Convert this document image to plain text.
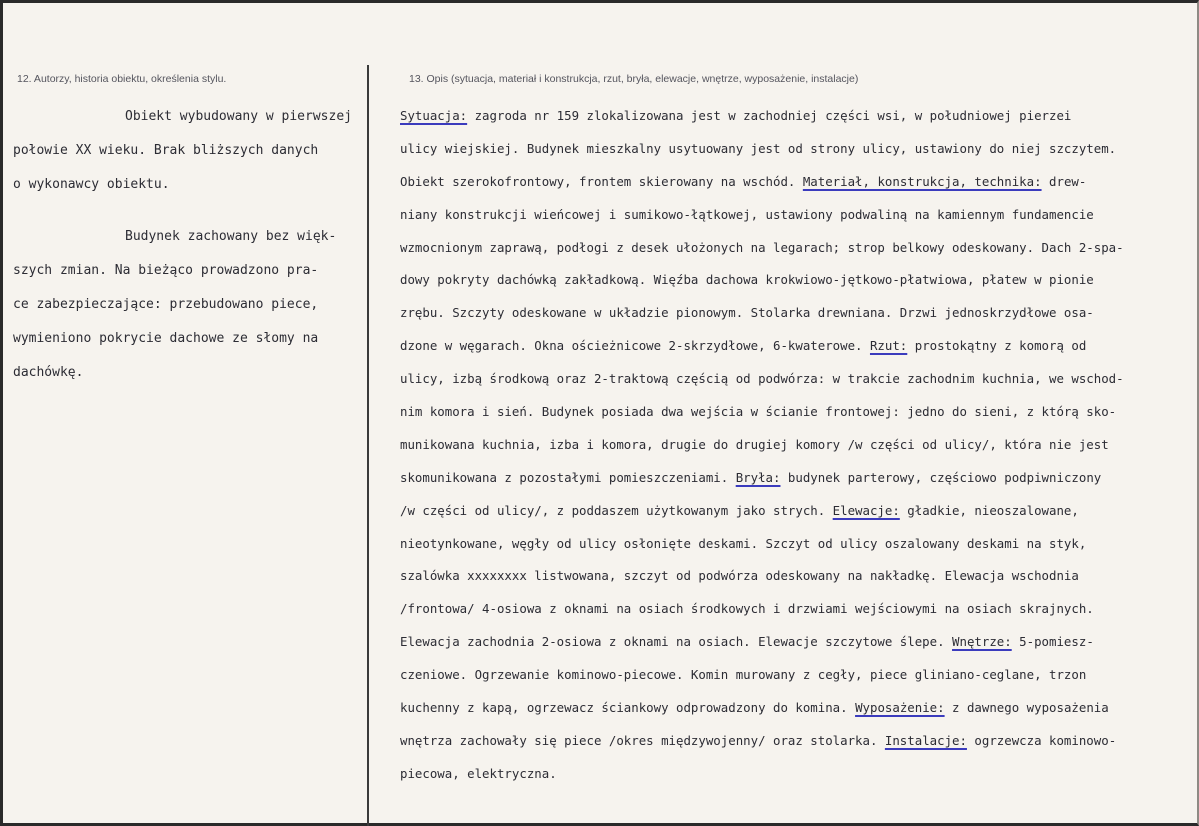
12. Autorzy, historia obiektu, określenia stylu.	13. Opis (sytuacja, materiał i konstrukcja, rzut, bryła, elewacje, wnętrze, wyposażenie, instalacje)
Obiekt wybudowany w pierwszej
połowie XX wieku. Brak bliższych danych
o wykonawcy obiektu.
Budynek zachowany bez więk-
szych zmian. Na bieżąco prowadzono pra-
ce zabezpieczające: przebudowano piece,
wymieniono pokrycie dachowe ze słomy na
dachówkę.
Sytuacja: zagroda nr 159 zlokalizowana jest w zachodniej części wsi, w południowej pierzei
ulicy wiejskiej. Budynek mieszkalny usytuowany jest od strony ulicy, ustawiony do niej szczytem.
Obiekt szerokofrontowy, frontem skierowany na wschód. Materiał, konstrukcja, technika: drew-
niany konstrukcji wieńcowej i sumikowo-łątkowej, ustawiony podwaliną na kamiennym fundamencie
wzmocnionym zaprawą, podłogi z desek ułożonych na legarach; strop belkowy odeskowany. Dach 2-spa-
dowy pokryty dachówką zakładkową. Więźba dachowa krokwiowo-jętkowo-płatwiowa, płatew w pionie
zrębu. Szczyty odeskowane w układzie pionowym. Stolarka drewniana. Drzwi jednoskrzydłowe osa-
dzone w węgarach. Okna ościeżnicowe 2-skrzydłowe, 6-kwaterowe. Rzut: prostokątny z komorą od
ulicy, izbą środkową oraz 2-traktową częścią od podwórza: w trakcie zachodnim kuchnia, we wschod-
nim komora i sień. Budynek posiada dwa wejścia w ścianie frontowej: jedno do sieni, z którą sko-
munikowana kuchnia, izba i komora, drugie do drugiej komory /w części od ulicy/, która nie jest
skomunikowana z pozostałymi pomieszczeniami. Bryła: budynek parterowy, częściowo podpiwniczony
/w części od ulicy/, z poddaszem użytkowanym jako strych. Elewacje: gładkie, nieoszalowane,
nieotynkowane, węgły od ulicy osłonięte deskami. Szczyt od ulicy oszalowany deskami na styk,
szalówka xxxxxxxx listwowana, szczyt od podwórza odeskowany na nakładkę. Elewacja wschodnia
/frontowa/ 4-osiowa z oknami na osiach środkowych i drzwiami wejściowymi na osiach skrajnych.
Elewacja zachodnia 2-osiowa z oknami na osiach. Elewacje szczytowe ślepe. Wnętrze: 5-pomiesz-
czeniowe. Ogrzewanie kominowo-piecowe. Komin murowany z cegły, piece gliniano-ceglane, trzon
kuchenny z kapą, ogrzewacz ściankowy odprowadzony do komina. Wyposażenie: z dawnego wyposażenia
wnętrza zachowały się piece /okres międzywojenny/ oraz stolarka. Instalacje: ogrzewcza kominowo-
piecowa, elektryczna.
